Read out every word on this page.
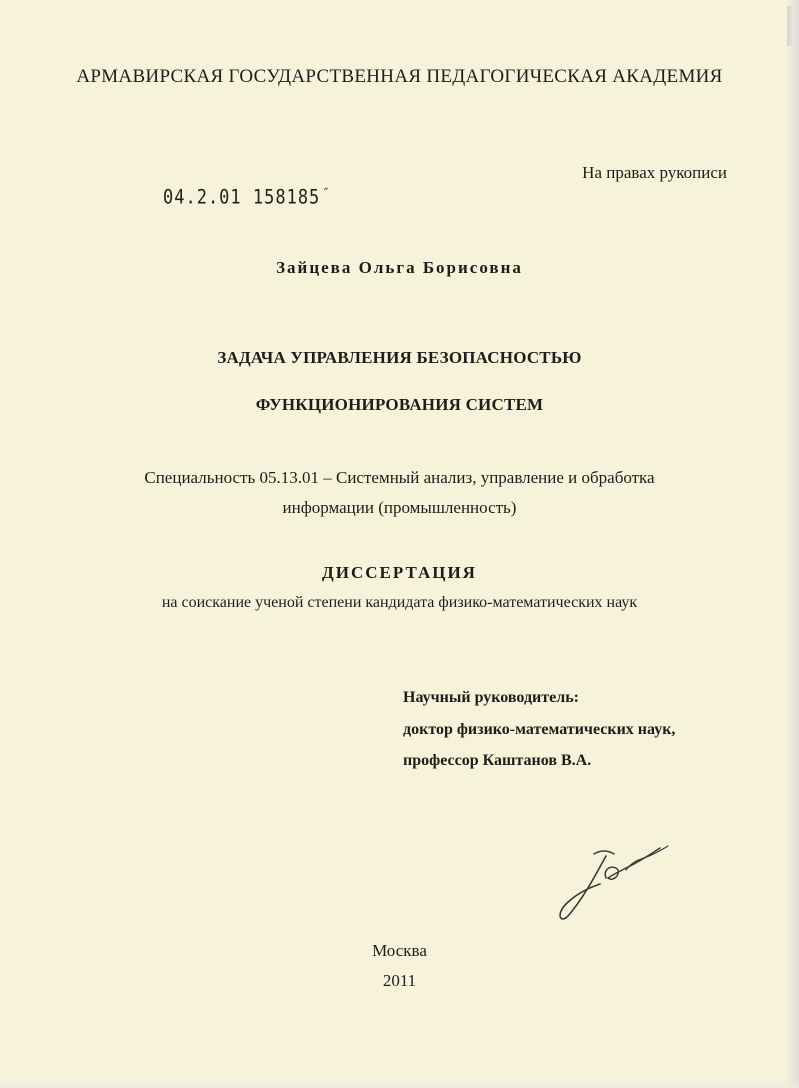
АРМАВИРСКАЯ ГОСУДАРСТВЕННАЯ ПЕДАГОГИЧЕСКАЯ АКАДЕМИЯ
На правах рукописи
04.2.01 158185 ˝
Зайцева Ольга Борисовна
ЗАДАЧА УПРАВЛЕНИЯ БЕЗОПАСНОСТЬЮ
ФУНКЦИОНИРОВАНИЯ СИСТЕМ
Специальность 05.13.01 – Системный анализ, управление и обработка
информации (промышленность)
ДИССЕРТАЦИЯ
на соискание ученой степени кандидата физико-математических наук
Научный руководитель:
доктор физико-математических наук,
профессор Каштанов В.А.
Москва
2011
